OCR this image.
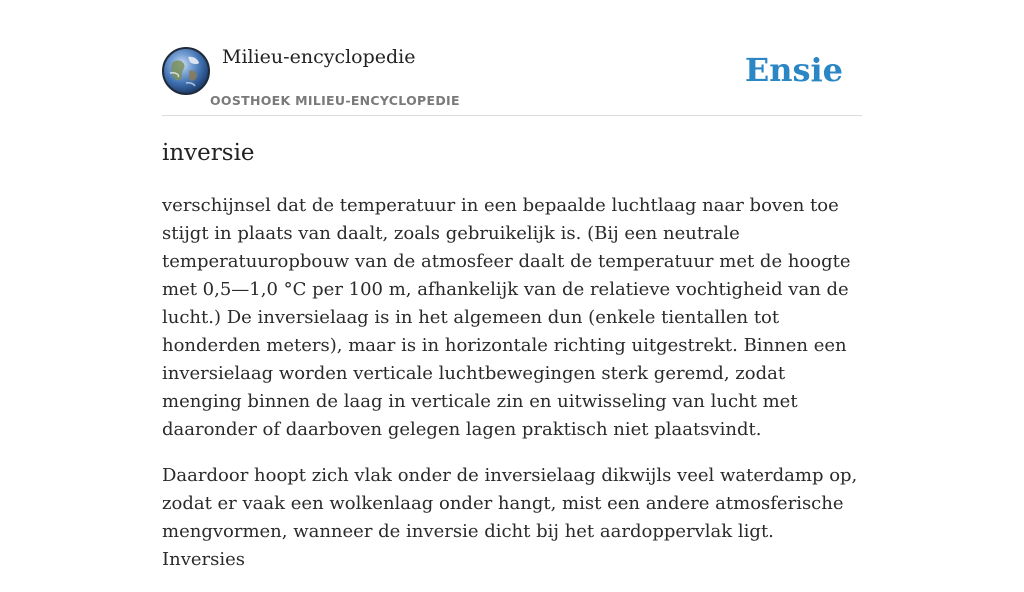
Milieu-encyclopedie
OOSTHOEK MILIEU-ENCYCLOPEDIE
Ensie
inversie

verschijnsel dat de temperatuur in een bepaalde luchtlaag naar boven toe stijgt in plaats van daalt, zoals gebruikelijk is. (Bij een neutrale temperatuuropbouw van de atmosfeer daalt de temperatuur met de hoogte met 0,5—1,0 °C per 100 m, afhankelijk van de relatieve vochtigheid van de lucht.) De inversielaag is in het algemeen dun (enkele tientallen tot honderden meters), maar is in horizontale richting uitgestrekt. Binnen een inversielaag worden verticale luchtbewegingen sterk geremd, zodat menging binnen de laag in verticale zin en uitwisseling van lucht met daaronder of daarboven gelegen lagen praktisch niet plaatsvindt.

Daardoor hoopt zich vlak onder de inversielaag dikwijls veel waterdamp op, zodat er vaak een wolkenlaag onder hangt, mist een andere atmosferische mengvormen, wanneer de inversie dicht bij het aardoppervlak ligt. Inversies
